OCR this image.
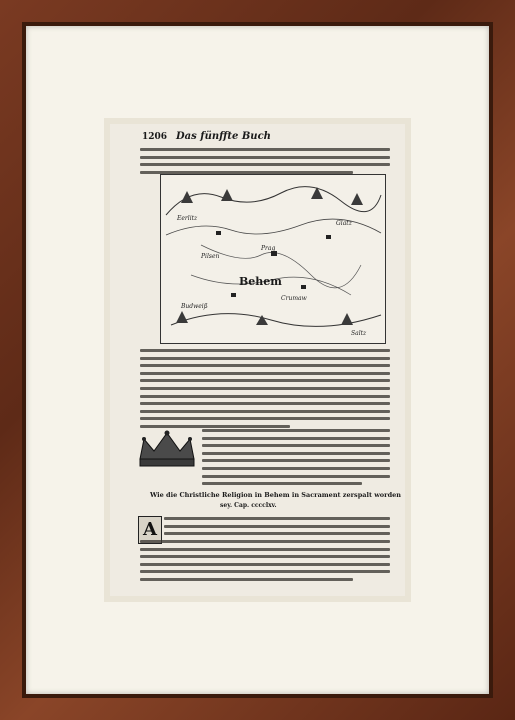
1206 Das fünffte Buch
Behem
Eerlitz
Prag
Crumaw
Budweiß
Pilsen
Glatz
Saltz
Wie die Christliche Religion in Behem in Sacrament zerspalt worden
sey. Cap. cccclxv.
A
